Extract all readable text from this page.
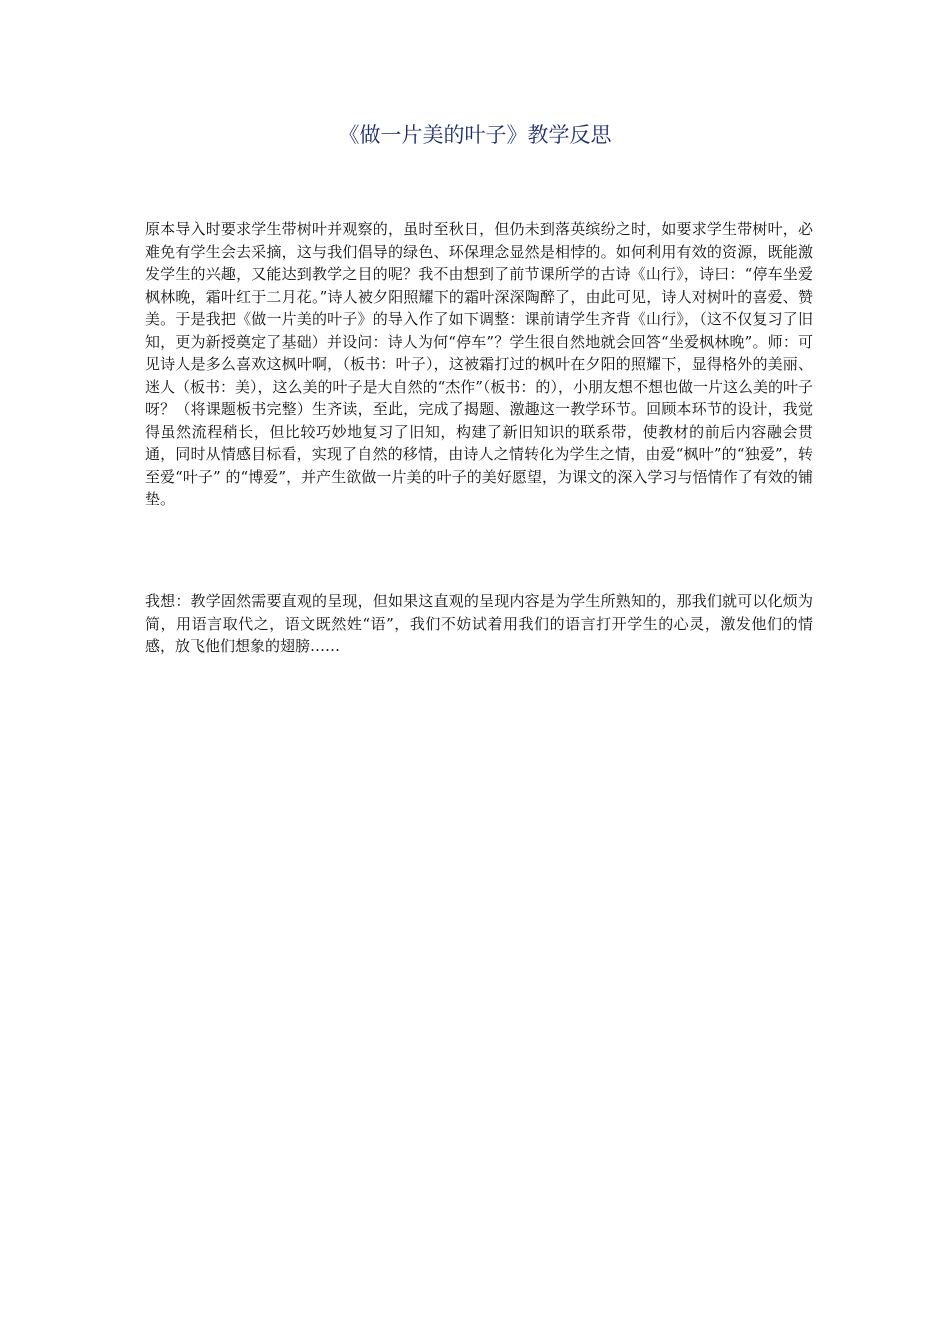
《做一片美的叶子》教学反思

原本导入时要求学生带树叶并观察的，虽时至秋日，但仍未到落英缤纷之时，如要求学生带树叶，必难免有学生会去采摘，这与我们倡导的绿色、环保理念显然是相悖的。如何利用有效的资源，既能激发学生的兴趣，又能达到教学之目的呢？我不由想到了前节课所学的古诗《山行》，诗曰：“停车坐爱枫林晚，霜叶红于二月花。”诗人被夕阳照耀下的霜叶深深陶醉了，由此可见，诗人对树叶的喜爱、赞美。于是我把《做一片美的叶子》的导入作了如下调整：课前请学生齐背《山行》，（这不仅复习了旧知，更为新授奠定了基础）并设问：诗人为何“停车”？学生很自然地就会回答“坐爱枫林晚”。师：可见诗人是多么喜欢这枫叶啊，（板书：叶子），这被霜打过的枫叶在夕阳的照耀下，显得格外的美丽、迷人（板书：美），这么美的叶子是大自然的“杰作”（板书：的），小朋友想不想也做一片这么美的叶子呀？（将课题板书完整）生齐读，至此，完成了揭题、激趣这一教学环节。回顾本环节的设计，我觉得虽然流程稍长，但比较巧妙地复习了旧知，构建了新旧知识的联系带，使教材的前后内容融会贯通，同时从情感目标看，实现了自然的移情，由诗人之情转化为学生之情，由爱“枫叶”的“独爱”，转至爱“叶子” 的“博爱”，并产生欲做一片美的叶子的美好愿望，为课文的深入学习与悟情作了有效的铺垫。

我想：教学固然需要直观的呈现，但如果这直观的呈现内容是为学生所熟知的，那我们就可以化烦为简，用语言取代之，语文既然姓“语”，我们不妨试着用我们的语言打开学生的心灵，激发他们的情感，放飞他们想象的翅膀……
